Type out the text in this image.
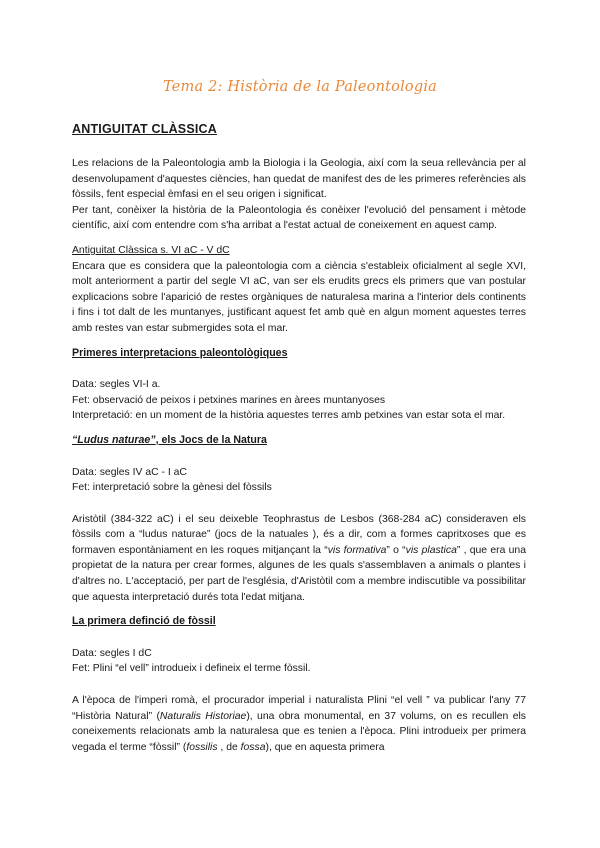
Tema 2: Història de la Paleontologia
ANTIGUITAT CLÀSSICA

Les relacions de la Paleontologia amb la Biologia i la Geologia, així com la seua rellevància per al desenvolupament d'aquestes ciències, han quedat de manifest des de les primeres referències als fòssils, fent especial èmfasi en el seu origen i significat.

Per tant, conèixer la història de la Paleontologia és conèixer l'evolució del pensament i mètode científic, així com entendre com s'ha arribat a l'estat actual de coneixement en aquest camp.

Antiguitat Clàssica s. VI aC - V dC

Encara que es considera que la paleontologia com a ciència s'estableix oficialment al segle XVI, molt anteriorment a partir del segle VI aC, van ser els erudits grecs els primers que van postular explicacions sobre l'aparició de restes orgàniques de naturalesa marina a l'interior dels continents i fins i tot dalt de les muntanyes, justificant aquest fet amb què en algun moment aquestes terres amb restes van estar submergides sota el mar.

Primeres interpretacions paleontològiques

Data: segles VI-I a.

Fet: observació de peixos i petxines marines en àrees muntanyoses

Interpretació: en un moment de la història aquestes terres amb petxines van estar sota el mar.

“Ludus naturae”, els Jocs de la Natura

Data: segles IV aC - I aC

Fet: interpretació sobre la gènesi del fòssils

Aristòtil (384-322 aC) i el seu deixeble Teophrastus de Lesbos (368-284 aC) consideraven els fòssils com a “ludus naturae” (jocs de la natuales ), és a dir, com a formes capritxoses que es formaven espontàniament en les roques mitjançant la “vis formativa” o “vis plastica” , que era una propietat de la natura per crear formes, algunes de les quals s'assemblaven a animals o plantes i d'altres no. L'acceptació, per part de l'església, d'Aristòtil com a membre indiscutible va possibilitar que aquesta interpretació durés tota l'edat mitjana.

La primera definció de fòssil

Data: segles I dC

Fet: Plini “el vell” introdueix i defineix el terme fòssil.

A l'època de l'imperi romà, el procurador imperial i naturalista Plini “el vell ” va publicar l'any 77 “Història Natural” (Naturalis Historiae), una obra monumental, en 37 volums, on es recullen els coneixements relacionats amb la naturalesa que es tenien a l'època. Plini introdueix per primera vegada el terme “fòssil” (fossilis , de fossa), que en aquesta primera
